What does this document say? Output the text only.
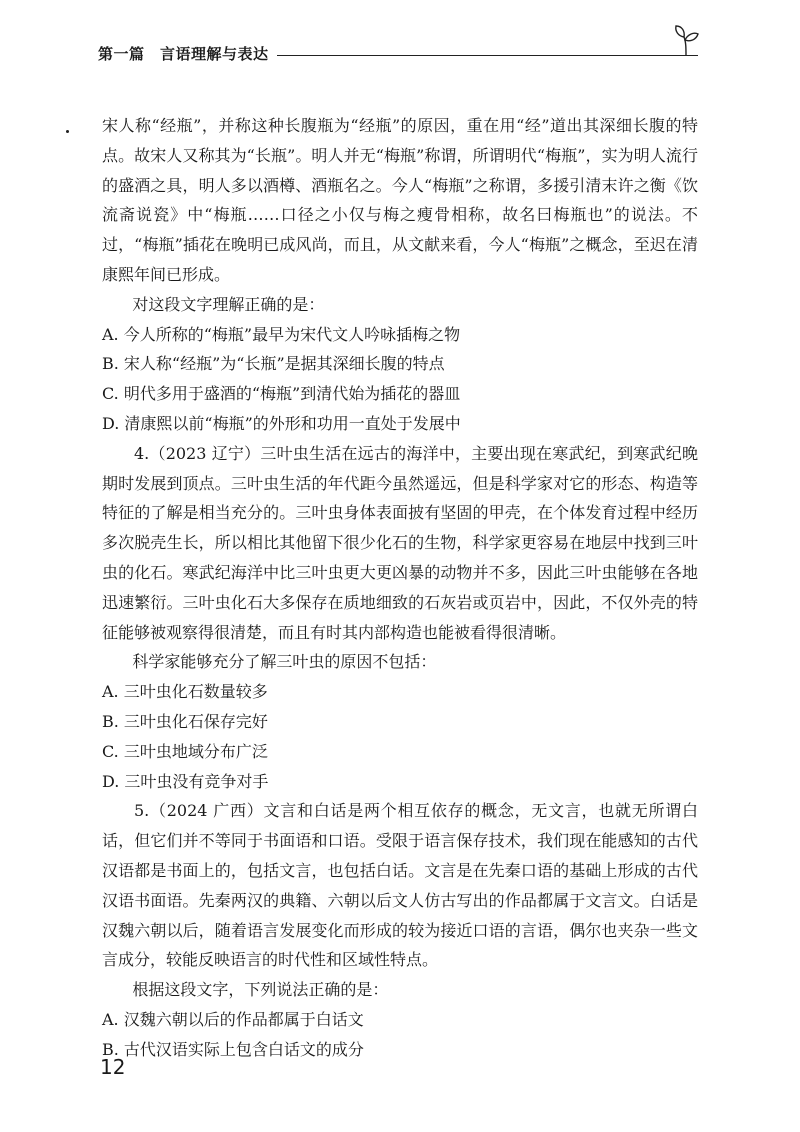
第一篇　言语理解与表达

宋人称“经瓶”，并称这种长腹瓶为“经瓶”的原因，重在用“经”道出其深细长腹的特点。故宋人又称其为“长瓶”。明人并无“梅瓶”称谓，所谓明代“梅瓶”，实为明人流行的盛酒之具，明人多以酒樽、酒瓶名之。今人“梅瓶”之称谓，多援引清末许之衡《饮流斋说瓷》中“梅瓶……口径之小仅与梅之瘦骨相称，故名曰梅瓶也”的说法。不过，“梅瓶”插花在晚明已成风尚，而且，从文献来看，今人“梅瓶”之概念，至迟在清康熙年间已形成。

对这段文字理解正确的是：

A. 今人所称的“梅瓶”最早为宋代文人吟咏插梅之物

B. 宋人称“经瓶”为“长瓶”是据其深细长腹的特点

C. 明代多用于盛酒的“梅瓶”到清代始为插花的器皿

D. 清康熙以前“梅瓶”的外形和功用一直处于发展中

4.（2023 辽宁）三叶虫生活在远古的海洋中，主要出现在寒武纪，到寒武纪晚期时发展到顶点。三叶虫生活的年代距今虽然遥远，但是科学家对它的形态、构造等特征的了解是相当充分的。三叶虫身体表面披有坚固的甲壳，在个体发育过程中经历多次脱壳生长，所以相比其他留下很少化石的生物，科学家更容易在地层中找到三叶虫的化石。寒武纪海洋中比三叶虫更大更凶暴的动物并不多，因此三叶虫能够在各地迅速繁衍。三叶虫化石大多保存在质地细致的石灰岩或页岩中，因此，不仅外壳的特征能够被观察得很清楚，而且有时其内部构造也能被看得很清晰。

科学家能够充分了解三叶虫的原因不包括：

A. 三叶虫化石数量较多

B. 三叶虫化石保存完好

C. 三叶虫地域分布广泛

D. 三叶虫没有竞争对手

5.（2024 广西）文言和白话是两个相互依存的概念，无文言，也就无所谓白话，但它们并不等同于书面语和口语。受限于语言保存技术，我们现在能感知的古代汉语都是书面上的，包括文言，也包括白话。文言是在先秦口语的基础上形成的古代汉语书面语。先秦两汉的典籍、六朝以后文人仿古写出的作品都属于文言文。白话是汉魏六朝以后，随着语言发展变化而形成的较为接近口语的言语，偶尔也夹杂一些文言成分，较能反映语言的时代性和区域性特点。

根据这段文字，下列说法正确的是：

A. 汉魏六朝以后的作品都属于白话文

B. 古代汉语实际上包含白话文的成分

12
